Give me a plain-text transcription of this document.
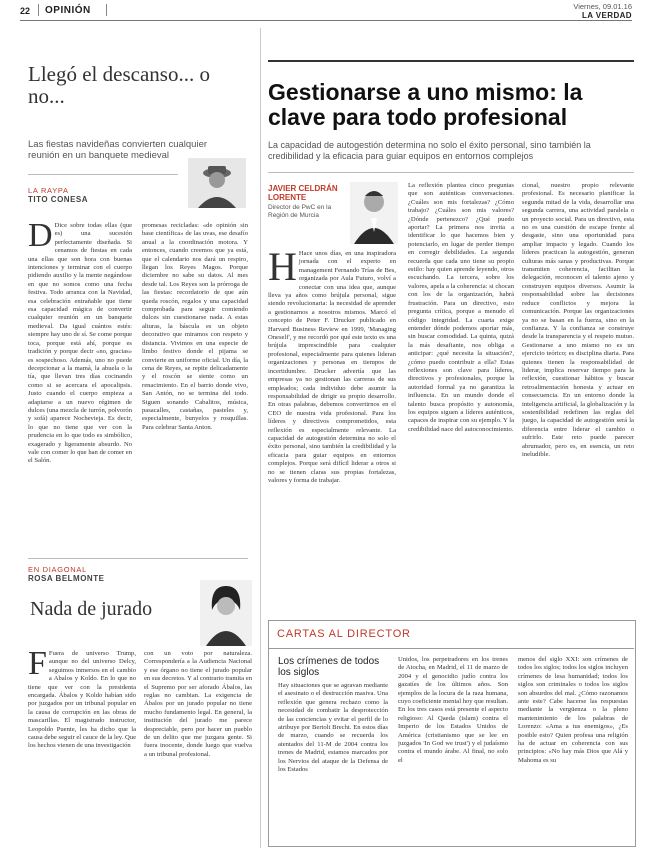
22 OPINIÓN	Viernes, 09.01.16
LA VERDAD
Llegó el descanso... o no...
Las fiestas navideñas convierten cualquier reunión en un banquete medieval
LA RAYPA
TITO CONESA
D Dice sobre todas ellas (que es) una sucesión perfectamente diseñada. Si cenamos de fiestas en cada una ellas que son hora con buenas intenciones y terminar con el cuerpo pidiendo auxilio y la mente negándose en que no somos como una fecha festiva. Todo arranca con la Navidad, esa celebración entrañable que tiene esa capacidad mágica de convertir cualquier reunión en un banquete medieval. Da igual cuántos estés: siempre hay uno de sí. Se come porque toca, porque está ahí, porque es tradición y porque decir «no, gracias» es sospechoso. Además, uno no puede decepcionar a la mamá, la abuela o la tía, que llevan tres días cocinando como si se acercara el apocalipsis. Justo cuando el cuerpo empieza a adaptarse a un nuevo régimen de dulces (una mezcla de turrón, polvorón y sofá) aparece Nochevieja. Es decir, lo que no tiene que ver con la prudencia en lo que todo es simbólico, exagerado y ligeramente absurdo. No vale con comer lo que han de comer en el Salón.
promesas recicladas: «de opinión sin base científica» de las uvas, ese desafío anual a la coordinación motora. Y entonces, cuando creemos que ya está, que el calendario nos dará un respiro, llegan los Reyes Magos. Porque diciembre no sabe su datos. Al mes desde tal. Los Reyes son la prórroga de las fiestas: recordatorio de que aún queda roscón, regalos y una capacidad comprobada para seguir comiendo dulces sin cuestionarse nada. A estas alturas, la báscula es un objeto decorativo que miramos con respeto y distancia. Vivimos en una especie de limbo festivo donde el pijama se convierte en uniforme oficial. Un día, la cena de Reyes, se repite delicadamente y el roscón se siente como un renacimiento. En el barrio donde vivo, San Antón, no se termina del todo. Siguen sonando Cabalitos, música, pasacalles, castañas, pasteles y, especialmente, bunyelos y rosquillas. Para celebrar Santa Anton.
EN DIAGONAL
ROSA BELMONTE
Nada de jurado
F Fuera de universo Trump, aunque no del universo Delcy, seguimos inmersos en el cambio a Abalos y Koldo. En lo que no tiene que ver con la presidenta encargada. Ábalos y Koldo habían sido por juzgados por un tribunal popular en la causa de corrupción en las obras de mascarillas. El magistrado instructor, Leopoldo Puente, les ha dicho que la causa debe seguir el cauce de la ley. Que los hechos vienen de una investigación
con un voto por naturaleza. Correspondería a la Audiencia Nacional y ese órgano no tiene el jurado popular en sus decretos. Y al contrario tramita en el Supremo por ser aforado Ábalos, las reglas no cambian. La exigencia de Ábalos por un jurado popular no tiene mucho fundamento legal. En general, la institución del jurado me parece despreciable, pero por hacer un pueblo de un delito que me juzgara gente. Si fuera inocente, donde luego que vuelva a un tribunal profesional.
Gestionarse a uno mismo: la clave para todo profesional
La capacidad de autogestión determina no solo el éxito personal, sino también la credibilidad y la eficacia para guiar equipos en entornos complejos
JAVIER CELDRÁN LORENTE
Director de PwC en la Región de Murcia
H Hace unos días, en una inspiradora jornada con el experto en management Fernando Trías de Bes, organizada por Aula Futuro, volví a conectar con una idea que, aunque lleva ya años como brújula personal, sigue siendo revolucionaria: la necesidad de aprender a gestionarnos a nosotros mismos. Marcó el concepto de Peter F. Drucker publicado en Harvard Business Review en 1999, 'Managing Oneself', y me recordó por qué este texto es una brújula imprescindible para cualquier profesional, especialmente para quienes lideran organizaciones y personas en tiempos de incertidumbre. Drucker advertía que las empresas ya no gestionan las carreras de sus empleados; cada individuo debe asumir la responsabilidad de dirigir su propio desarrollo. En otras palabras, debemos convertirnos en el CEO de nuestra vida profesional. Para los líderes y directivos comprometidos, esta reflexión es especialmente relevante. La capacidad de autogestión determina no solo el éxito personal, sino también la credibilidad y la eficacia para guiar equipos en entornos complejos. Porque será difícil liderar a otros si no se tienen claras sus propias fortalezas, valores y forma de trabajar.
La reflexión plantea cinco preguntas que son auténticas conversaciones. ¿Cuáles son mis fortalezas? ¿Cómo trabajo? ¿Cuáles son mis valores? ¿Dónde pertenezco? ¿Qué puedo aportar? La primera nos invita a identificar lo que hacemos bien y potenciarlo, en lugar de perder tiempo en corregir debilidades. La segunda recuerda que cada uno tiene su propio estilo: hay quien aprende leyendo, otros escuchando. La tercera, sobre los valores, apela a la coherencia: si chocan con los de la organización, habrá frustración. Para un directivo, esto pregunta crítica, porque a menudo el código integridad. La cuarta exige entender dónde podemos aportar más, sin buscar comodidad. La quinta, quizá la más desafiante, nos obliga a anticipar: ¿qué necesita la situación?, ¿cómo puedo contribuir a ella? Estas reflexiones son clave para líderes, directivos y profesionales, porque la autoridad formal ya no garantiza la influencia. En un mundo donde el talento busca propósito y autonomía, los equipos siguen a líderes auténticos, capaces de inspirar con su ejemplo. Y la credibilidad nace del autoconocimiento.
cional, nuestro propio relevante profesional. Es necesario planificar la segunda mitad de la vida, desarrollar una segunda carrera, una actividad paralela o un proyecto social. Para un directivo, esta no es una cuestión de escape frente al desgaste, sino una oportunidad para ampliar impacto y legado. Cuando los líderes practican la autogestión, generan culturas más sanas y productivas. Porque transmiten coherencia, facilitan la delegación, reconocen el talento ajeno y construyen equipos diversos. Asumir la responsabilidad sobre las decisiones reduce conflictos y mejora la comunicación. Porque las organizaciones ya no se basan en la fuerza, sino en la confianza. Y la confianza se construye desde la transparencia y el respeto mutuo. Gestionarse a uno mismo no es un ejercicio teórico; es disciplina diaria. Para quienes tienen la responsabilidad de liderar, implica reservar tiempo para la reflexión, cuestionar hábitos y buscar retroalimentación honesta y actuar en consecuencia. En un entorno donde la inteligencia artificial, la globalización y la sostenibilidad redefinen las reglas del juego, la capacidad de autogestión será la diferencia entre liderar el cambio o sufrirlo. Este reto puede parecer abrumador, pero es, en esencia, un reto ineludible.
CARTAS AL DIRECTOR
Los crímenes de todos los siglos
Hay situaciones que se agravan mediante el asesinato o el destrucción masiva. Una reflexión que genera rechazo como la necesidad de combatir la desprotección de las conciencias y evitar el perfil de lo atribuye por Bertolt Brecht. En estos días de marzo, cuando se recuerda los atentados del 11-M de 2004 contra los trenes de Madrid, estamos marcados por los Nervios del ataque de la Defensa de los Estados
Unidos, los perpetradores en los trenes de Atocha, en Madrid, el 11 de marzo de 2004 y el genocidio judío contra los gazatíes de los últimos años. Son ejemplos de la locura de la raza humana, cuyo coeficiente mental hoy que resultan. En los tres casos está presente el aspecto religioso: Al Qaeda (islam) contra el Imperio de los Estados Unidos de América (cristianismo que se lee en juzgados 'In God we trust') y el judaísmo contra el mundo árabe. Al final, no solo el
menos del siglo XXI: son crímenes de todos los siglos; todos los siglos incluyen crímenes de lesa humanidad; todos los siglos son criminales o todos los siglos son absurdos del mal. ¿Cómo razonamos ante este? Cabe hacerse las respuestas mediante la vergüenza o la pleno mantenimiento de los palabras de Lorenzo: «Ama a tus enemigos», ¿Es posible esto? Quien profesa una religión ha de actuar en coherencia con sus principios: «No hay más Dios que Alá y Mahoma es su
